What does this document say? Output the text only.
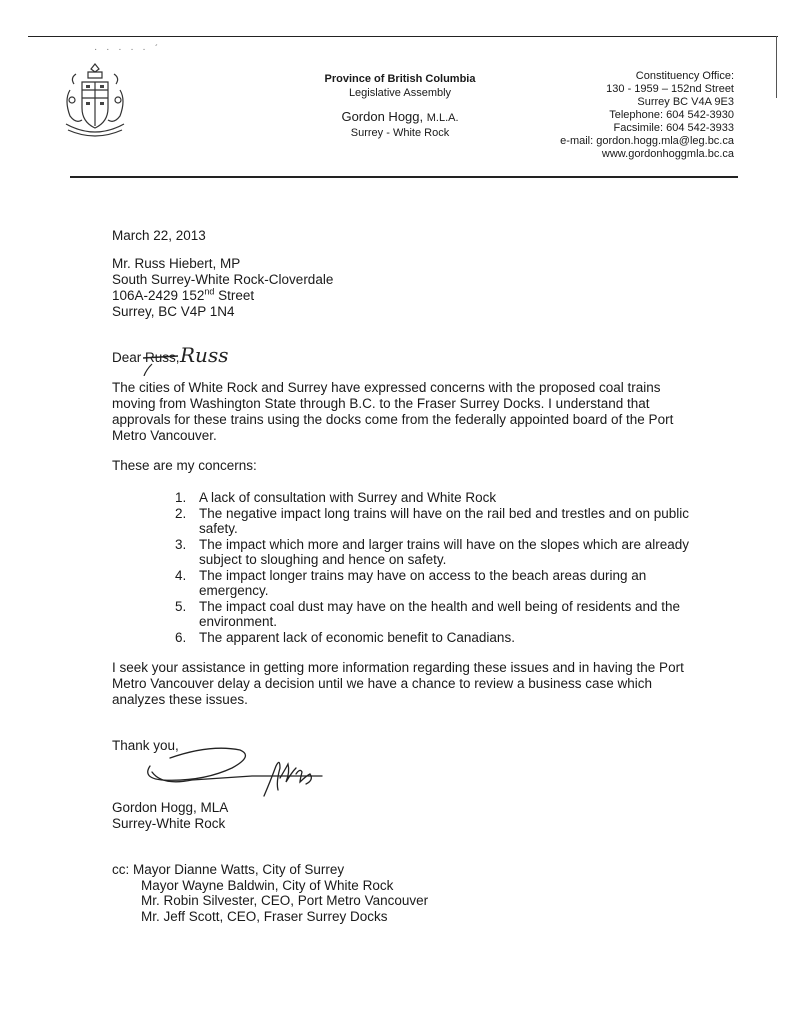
· · · · · ˊ
Province of British Columbia
Legislative Assembly
Gordon Hogg, M.L.A.
Surrey - White Rock
Constituency Office:
130 - 1959 – 152nd Street
Surrey BC V4A 9E3
Telephone: 604 542-3930
Facsimile: 604 542-3933
e-mail: gordon.hogg.mla@leg.bc.ca
www.gordonhoggmla.bc.ca
March 22, 2013
Mr. Russ Hiebert, MP
South Surrey-White Rock-Cloverdale
106A-2429 152nd Street
Surrey, BC V4P 1N4
Dear Russ, Russ
The cities of White Rock and Surrey have expressed concerns with the proposed coal trains moving from Washington State through B.C. to the Fraser Surrey Docks. I understand that approvals for these trains using the docks come from the federally appointed board of the Port Metro Vancouver.
These are my concerns:
1. A lack of consultation with Surrey and White Rock
2. The negative impact long trains will have on the rail bed and trestles and on public safety.
3. The impact which more and larger trains will have on the slopes which are already subject to sloughing and hence on safety.
4. The impact longer trains may have on access to the beach areas during an emergency.
5. The impact coal dust may have on the health and well being of residents and the environment.
6. The apparent lack of economic benefit to Canadians.
I seek your assistance in getting more information regarding these issues and in having the Port Metro Vancouver delay a decision until we have a chance to review a business case which analyzes these issues.
Thank you,
Gordon Hogg, MLA
Surrey-White Rock
cc: Mayor Dianne Watts, City of Surrey
Mayor Wayne Baldwin, City of White Rock
Mr. Robin Silvester, CEO, Port Metro Vancouver
Mr. Jeff Scott, CEO, Fraser Surrey Docks
